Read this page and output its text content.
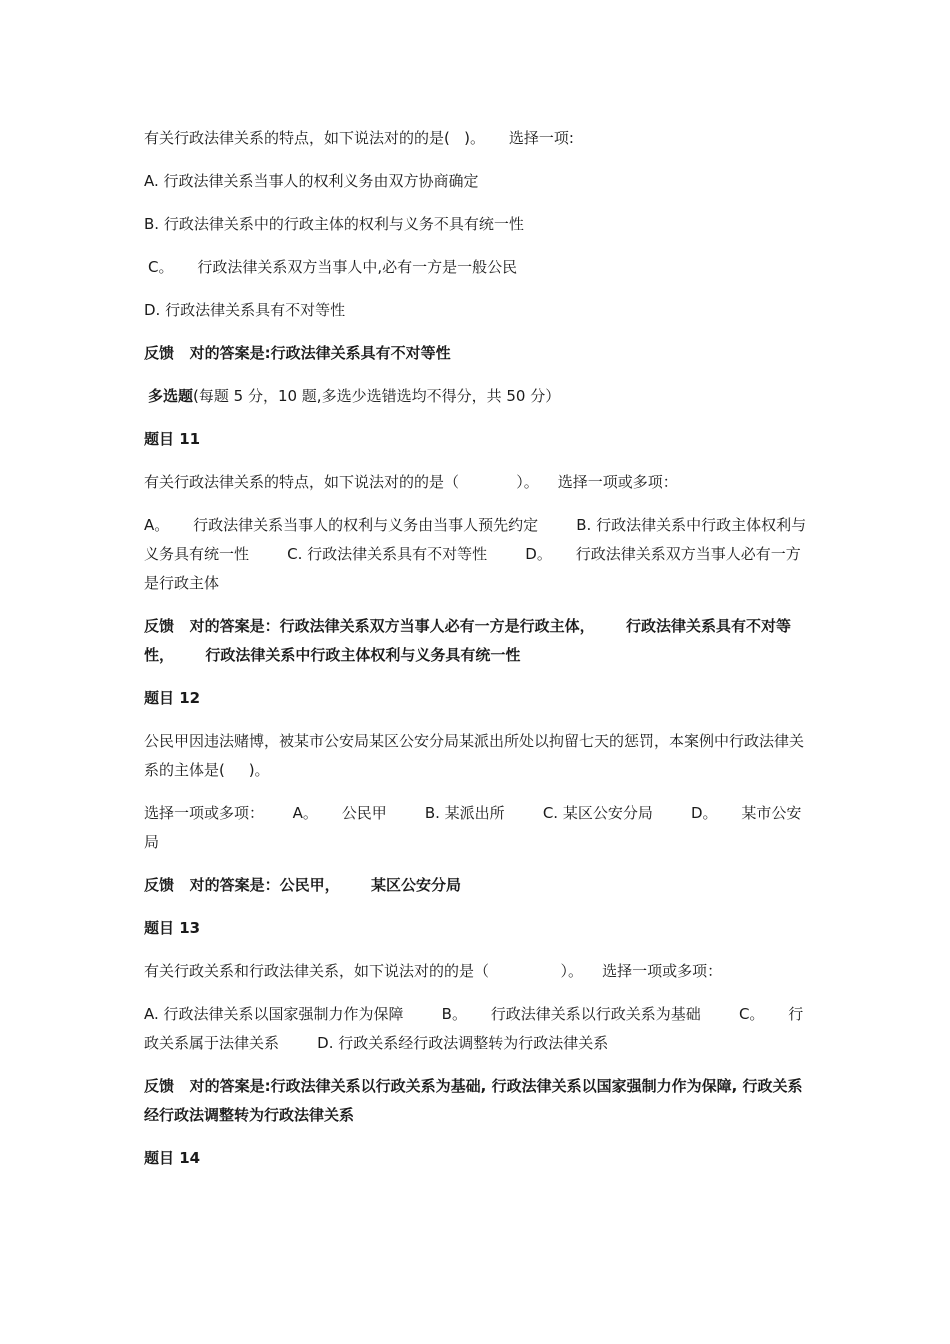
有关行政法律关系的特点，如下说法对的的是(   )。     选择一项:

A. 行政法律关系当事人的权利义务由双方协商确定

B. 行政法律关系中的行政主体的权利与义务不具有统一性

C。     行政法律关系双方当事人中,必有一方是一般公民

D. 行政法律关系具有不对等性

反馈   对的答案是:行政法律关系具有不对等性

多选题(每题 5 分，10 题,多选少选错选均不得分，共 50 分）

题目 11

有关行政法律关系的特点，如下说法对的的是（            ）。    选择一项或多项：

A。     行政法律关系当事人的权利与义务由当事人预先约定        B. 行政法律关系中行政主体权利与义务具有统一性        C. 行政法律关系具有不对等性        D。     行政法律关系双方当事人必有一方是行政主体

反馈   对的答案是：行政法律关系双方当事人必有一方是行政主体，      行政法律关系具有不对等性，      行政法律关系中行政主体权利与义务具有统一性

题目 12

公民甲因违法赌博，被某市公安局某区公安分局某派出所处以拘留七天的惩罚，本案例中行政法律关系的主体是(     )。

选择一项或多项：      A。     公民甲        B. 某派出所        C. 某区公安分局        D。     某市公安局

反馈   对的答案是：公民甲，      某区公安分局

题目 13

有关行政关系和行政法律关系，如下说法对的的是（               ）。    选择一项或多项：

A. 行政法律关系以国家强制力作为保障        B。     行政法律关系以行政关系为基础        C。     行政关系属于法律关系        D. 行政关系经行政法调整转为行政法律关系

反馈   对的答案是:行政法律关系以行政关系为基础, 行政法律关系以国家强制力作为保障, 行政关系经行政法调整转为行政法律关系

题目 14
